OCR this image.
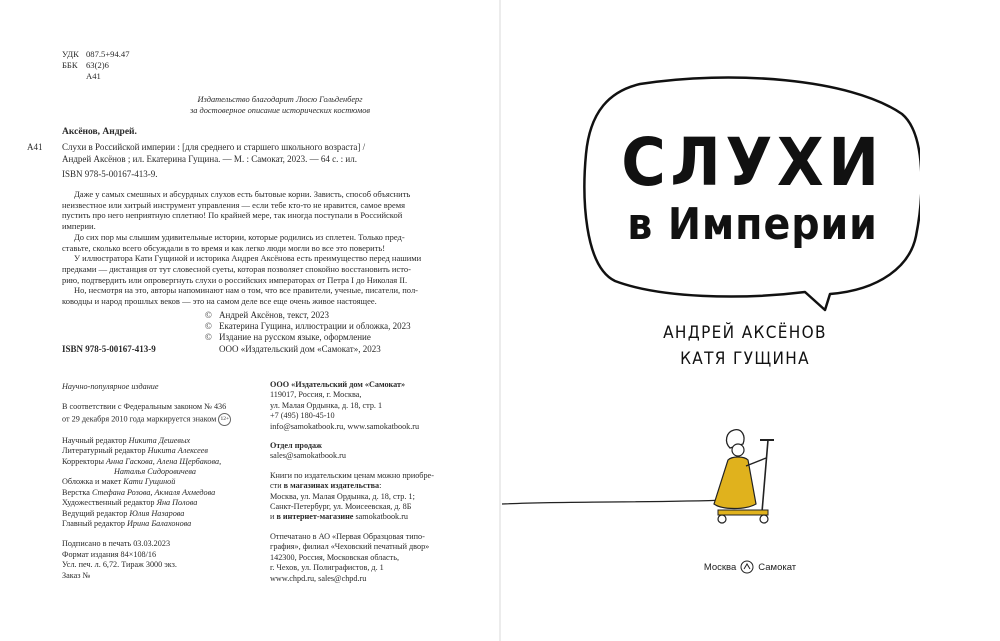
УДК 087.5+94.47
ББК 63(2)6
А41
Издательство благодарит Люсю Гольденберг
за достоверное описание исторических костюмов
Аксёнов, Андрей.
А41 Слухи в Российской империи : [для среднего и старшего школьного возраста] /
Андрей Аксёнов ; ил. Екатерина Гущина. — М. : Самокат, 2023. — 64 с. : ил.
ISBN 978-5-00167-413-9.

Даже у самых смешных и абсурдных слухов есть бытовые корни. Зависть, способ объяснить

неизвестное или хитрый инструмент управления — если тебе кто-то не нравится, самое время
пустить про него неприятную сплетню! По крайней мере, так иногда поступали в Российской
империи.

До сих пор мы слышим удивительные истории, которые родились из сплетен. Только пред-

ставьте, сколько всего обсуждали в то время и как легко люди могли во все это поверить!

У иллюстратора Кати Гущиной и историка Андрея Аксёнова есть преимущество перед нашими

предками — дистанция от тут словесной суеты, которая позволяет спокойно восстановить исто-
рию, подтвердить или опровергнуть слухи о российских императорах от Петра I до Николая II.

Но, несмотря на это, авторы напоминают нам о том, что все правители, ученые, писатели, пол-

ководцы и народ прошлых веков — это на самом деле все еще очень живое настоящее.
© Андрей Аксёнов, текст, 2023
© Екатерина Гущина, иллюстрации и обложка, 2023
© Издание на русском языке, оформление
ООО «Издательский дом «Самокат», 2023
ISBN 978-5-00167-413-9
Научно-популярное издание
В соответствии с Федеральным законом № 436
от 29 декабря 2010 года маркируется знаком 12+
Научный редактор Никита Дешевых
Литературный редактор Никита Алексеев
Корректоры Анна Гаскова, Алена Щербакова,
Наталья Сидоровичева
Обложка и макет Кати Гущиной
Верстка Стефана Розова, Акмаля Ахмедова
Художественный редактор Яна Половa
Ведущий редактор Юлия Назарова
Главный редактор Ирина Балахонова
Подписано в печать 03.03.2023
Формат издания 84×108/16
Усл. печ. л. 6,72. Тираж 3000 экз.
Заказ №
ООО «Издательский дом «Самокат»
119017, Россия, г. Москва,
ул. Малая Ордынка, д. 18, стр. 1
+7 (495) 180-45-10
info@samokatbook.ru, www.samokatbook.ru
Отдел продаж
sales@samokatbook.ru
Книги по издательским ценам можно приобре-
сти в магазинах издательства:
Москва, ул. Малая Ордынка, д. 18, стр. 1;
Санкт-Петербург, ул. Моисеевская, д. 8Б
и в интернет-магазине samokatbook.ru
Отпечатано в АО «Первая Образцовая типо-
графия», филиал «Чеховский печатный двор»
142300, Россия, Московская область,
г. Чехов, ул. Полиграфистов, д. 1
www.chpd.ru, sales@chpd.ru
СЛУХИ
в Империи
АНДРЕЙ АКСЁНОВ
КАТЯ ГУЩИНА
Москва Самокат
